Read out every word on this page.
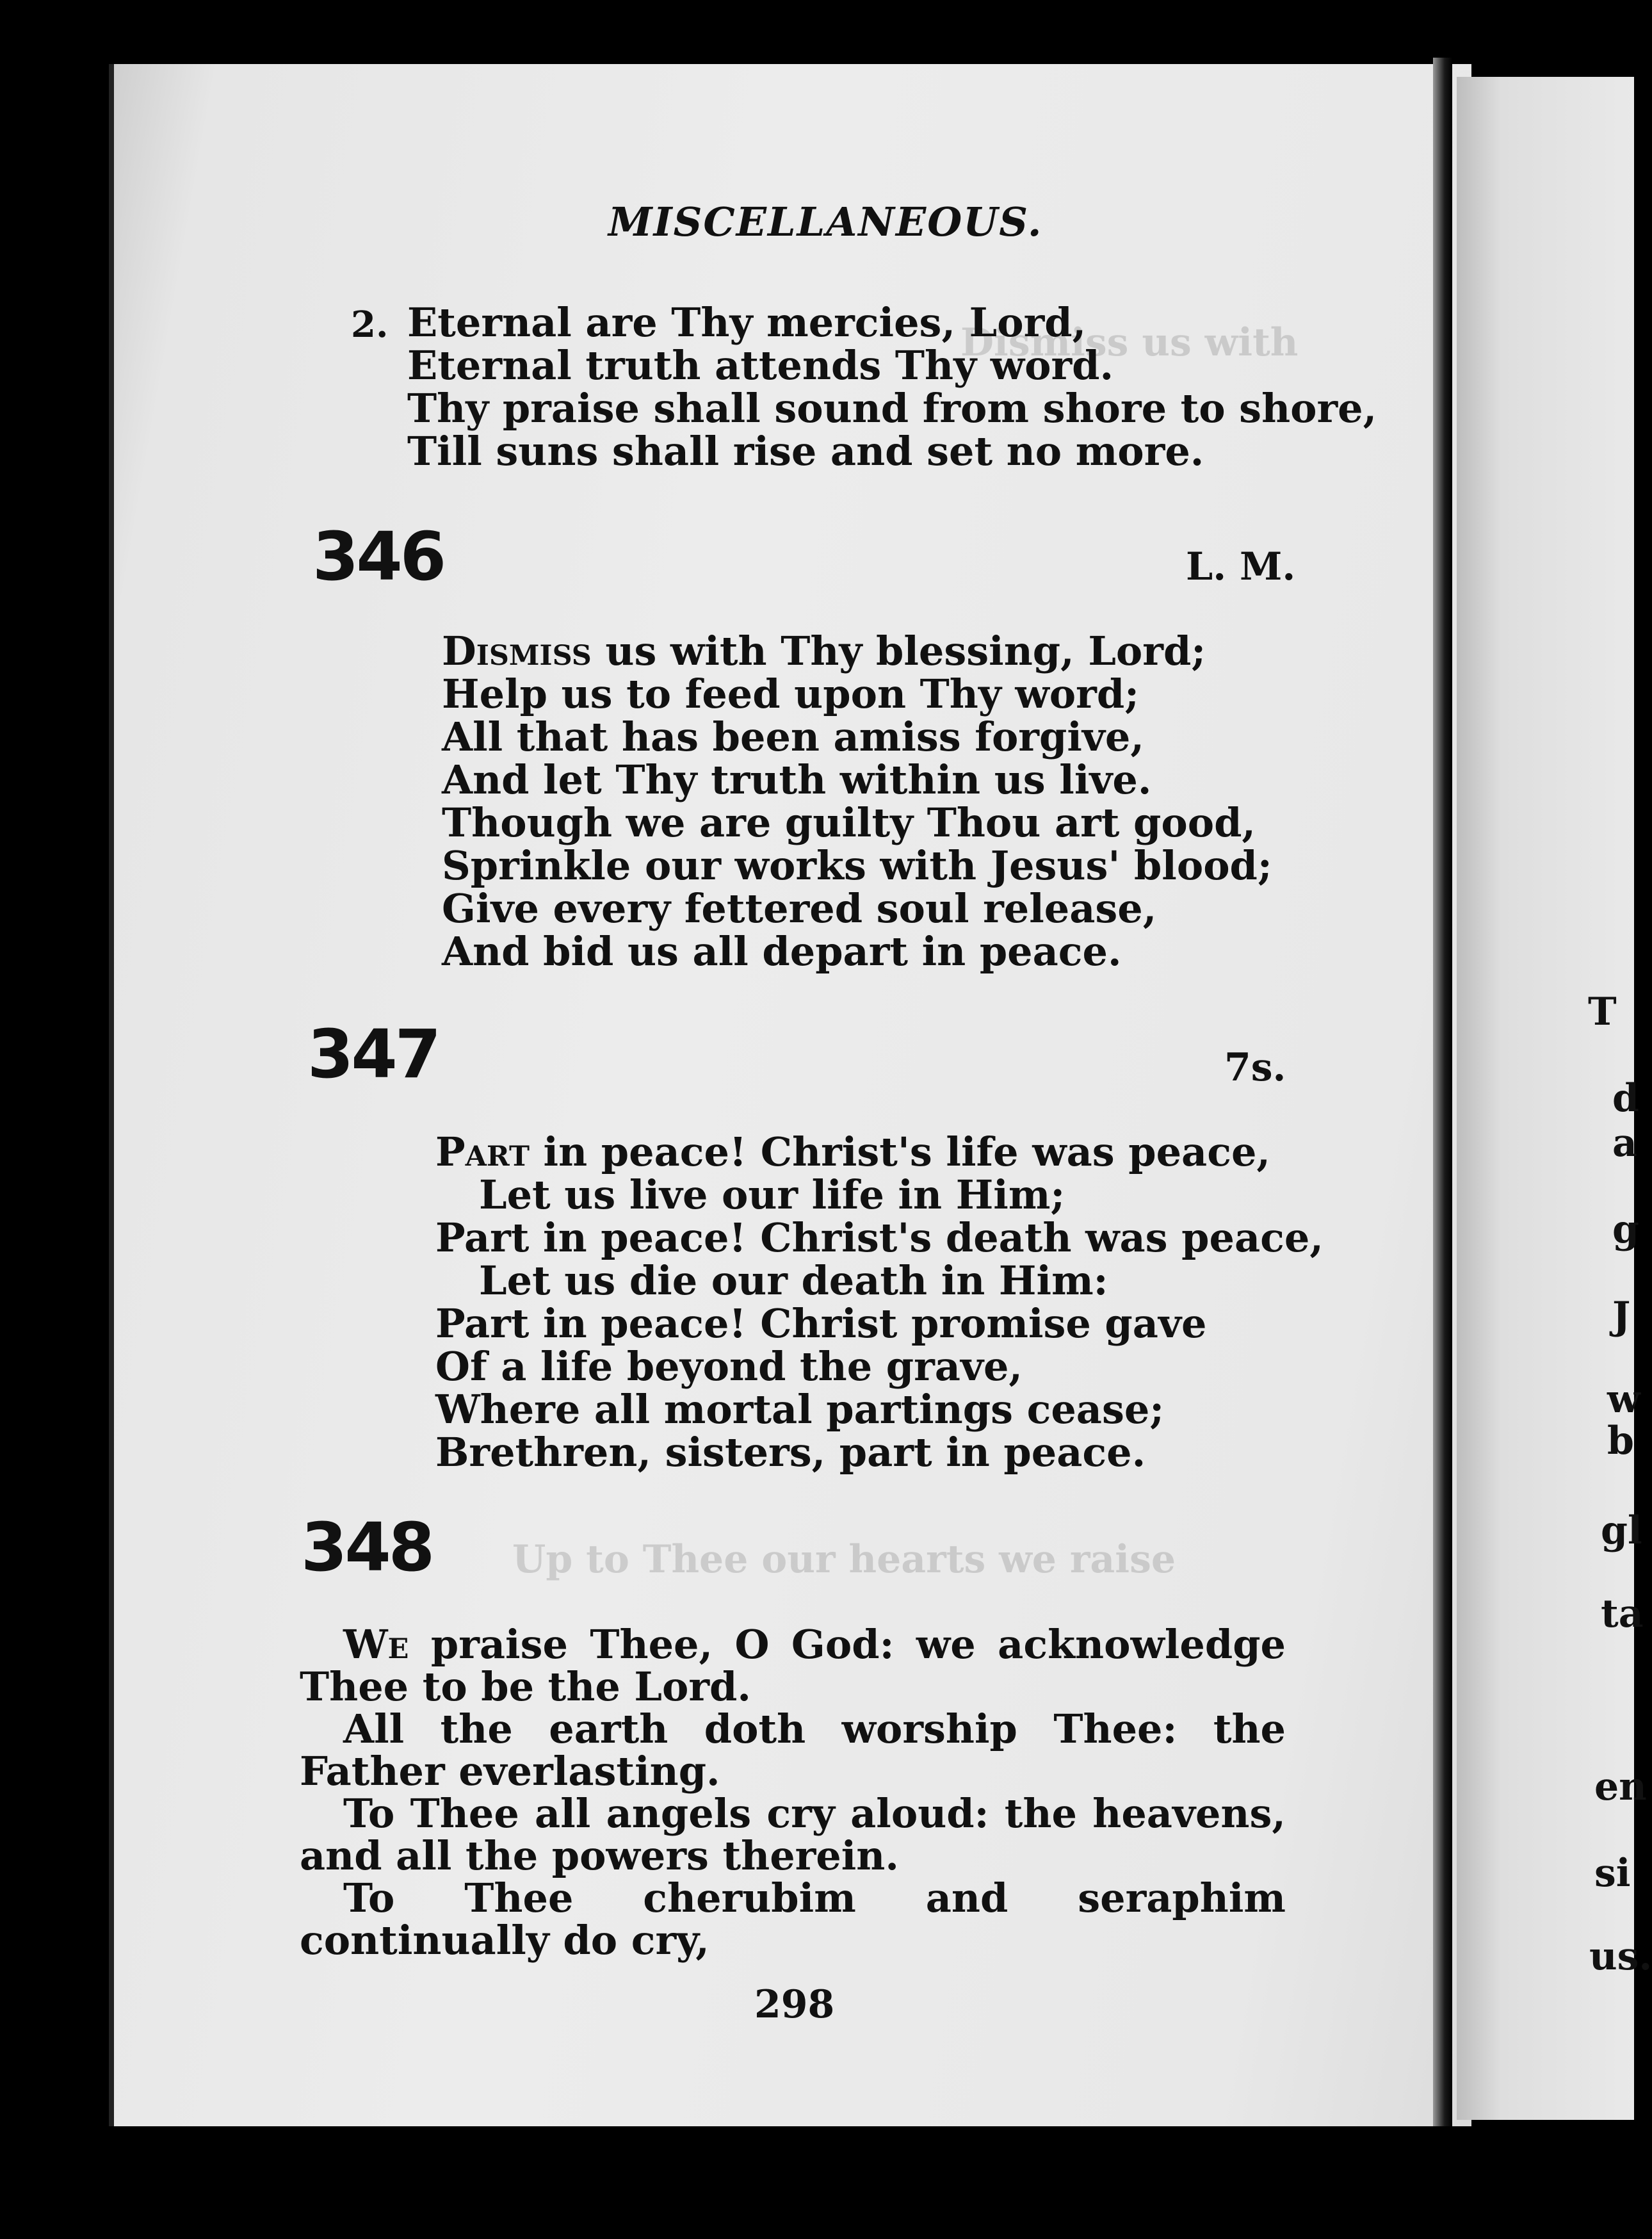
Dismiss us with
Up to Thee our hearts we raise
MISCELLANEOUS.
2. Eternal are Thy mercies, Lord,
Eternal truth attends Thy word.
Thy praise shall sound from shore to shore,
Till suns shall rise and set no more.
346	L. M.
Dismiss us with Thy blessing, Lord;
Help us to feed upon Thy word;
All that has been amiss forgive,
And let Thy truth within us live.
Though we are guilty Thou art good,
Sprinkle our works with Jesus' blood;
Give every fettered soul release,
And bid us all depart in peace.
347	7s.
Part in peace! Christ's life was peace,
Let us live our life in Him;
Part in peace! Christ's death was peace,
Let us die our death in Him:
Part in peace! Christ promise gave
Of a life beyond the grave,
Where all mortal partings cease;
Brethren, sisters, part in peace.
348

We praise Thee, O God: we acknowledge Thee to be the Lord.

All the earth doth worship Thee: the Father everlasting.

To Thee all angels cry aloud: the heavens, and all the powers therein.

To Thee cherubim and seraphim continually do cry,

298
T
d
a
g
J
w
b
gl
ta
en
si
us.
